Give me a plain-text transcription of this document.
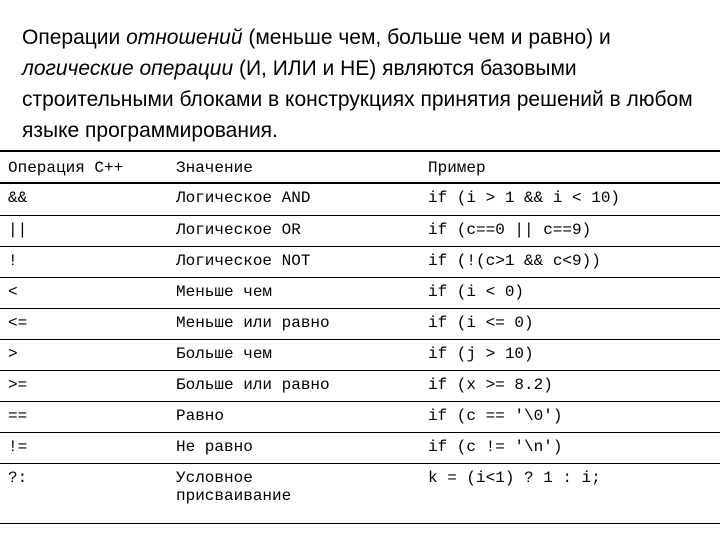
Операции отношений (меньше чем, больше чем и равно) и логические операции (И, ИЛИ и НЕ) являются базовыми строительными блоками в конструкциях принятия решений в любом языке программирования.

Операция C++	Значение	Пример
&&	Логическое AND	if (i > 1 && i < 10)
||	Логическое OR	if (c==0 || c==9)
!	Логическое NOT	if (!(c>1 && c<9))
<	Меньше чем	if (i < 0)
<=	Меньше или равно	if (i <= 0)
>	Больше чем	if (j > 10)
>=	Больше или равно	if (x >= 8.2)
==	Равно	if (c == '\0')
!=	Не равно	if (c != '\n')
?:	Условное присваивание	k = (i<1) ? 1 : i;
